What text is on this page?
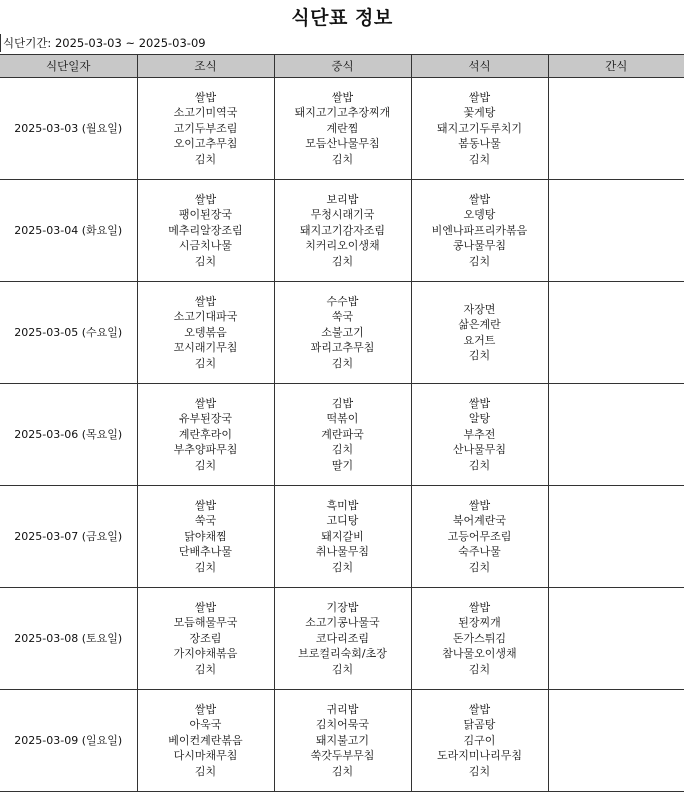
식단표 정보
식단기간: 2025-03-03 ~ 2025-03-09
식단일자	조식	중식	석식	간식
2025-03-03 (월요일)	쌀밥
소고기미역국
고기두부조림
오이고추무침
김치	쌀밥
돼지고기고추장찌개
계란찜
모듬산나물무침
김치	쌀밥
꽃게탕
돼지고기두루치기
봄동나물
김치	

2025-03-04 (화요일)	쌀밥
팽이된장국
메추리알장조림
시금치나물
김치	보리밥
무청시래기국
돼지고기감자조림
치커리오이생채
김치	쌀밥
오뎅탕
비엔나파프리카볶음
콩나물무침
김치	

2025-03-05 (수요일)	쌀밥
소고기대파국
오뎅볶음
꼬시래기무침
김치	수수밥
쑥국
소불고기
꽈리고추무침
김치	자장면
삶은계란
요거트
김치	

2025-03-06 (목요일)	쌀밥
유부된장국
계란후라이
부추양파무침
김치	김밥
떡볶이
계란파국
김치
딸기	쌀밥
알탕
부추전
산나물무침
김치	

2025-03-07 (금요일)	쌀밥
쑥국
닭야채찜
단배추나물
김치	흑미밥
고디탕
돼지갈비
취나물무침
김치	쌀밥
북어계란국
고등어무조림
숙주나물
김치	

2025-03-08 (토요일)	쌀밥
모듬해물무국
장조림
가지야채볶음
김치	기장밥
소고기콩나물국
코다리조림
브로컬리숙회/초장
김치	쌀밥
된장찌개
돈가스튀김
참나물오이생채
김치	

2025-03-09 (일요일)	쌀밥
아욱국
베이컨계란볶음
다시마채무침
김치	귀리밥
김치어묵국
돼지불고기
쑥갓두부무침
김치	쌀밥
닭곰탕
김구이
도라지미나리무침
김치	
